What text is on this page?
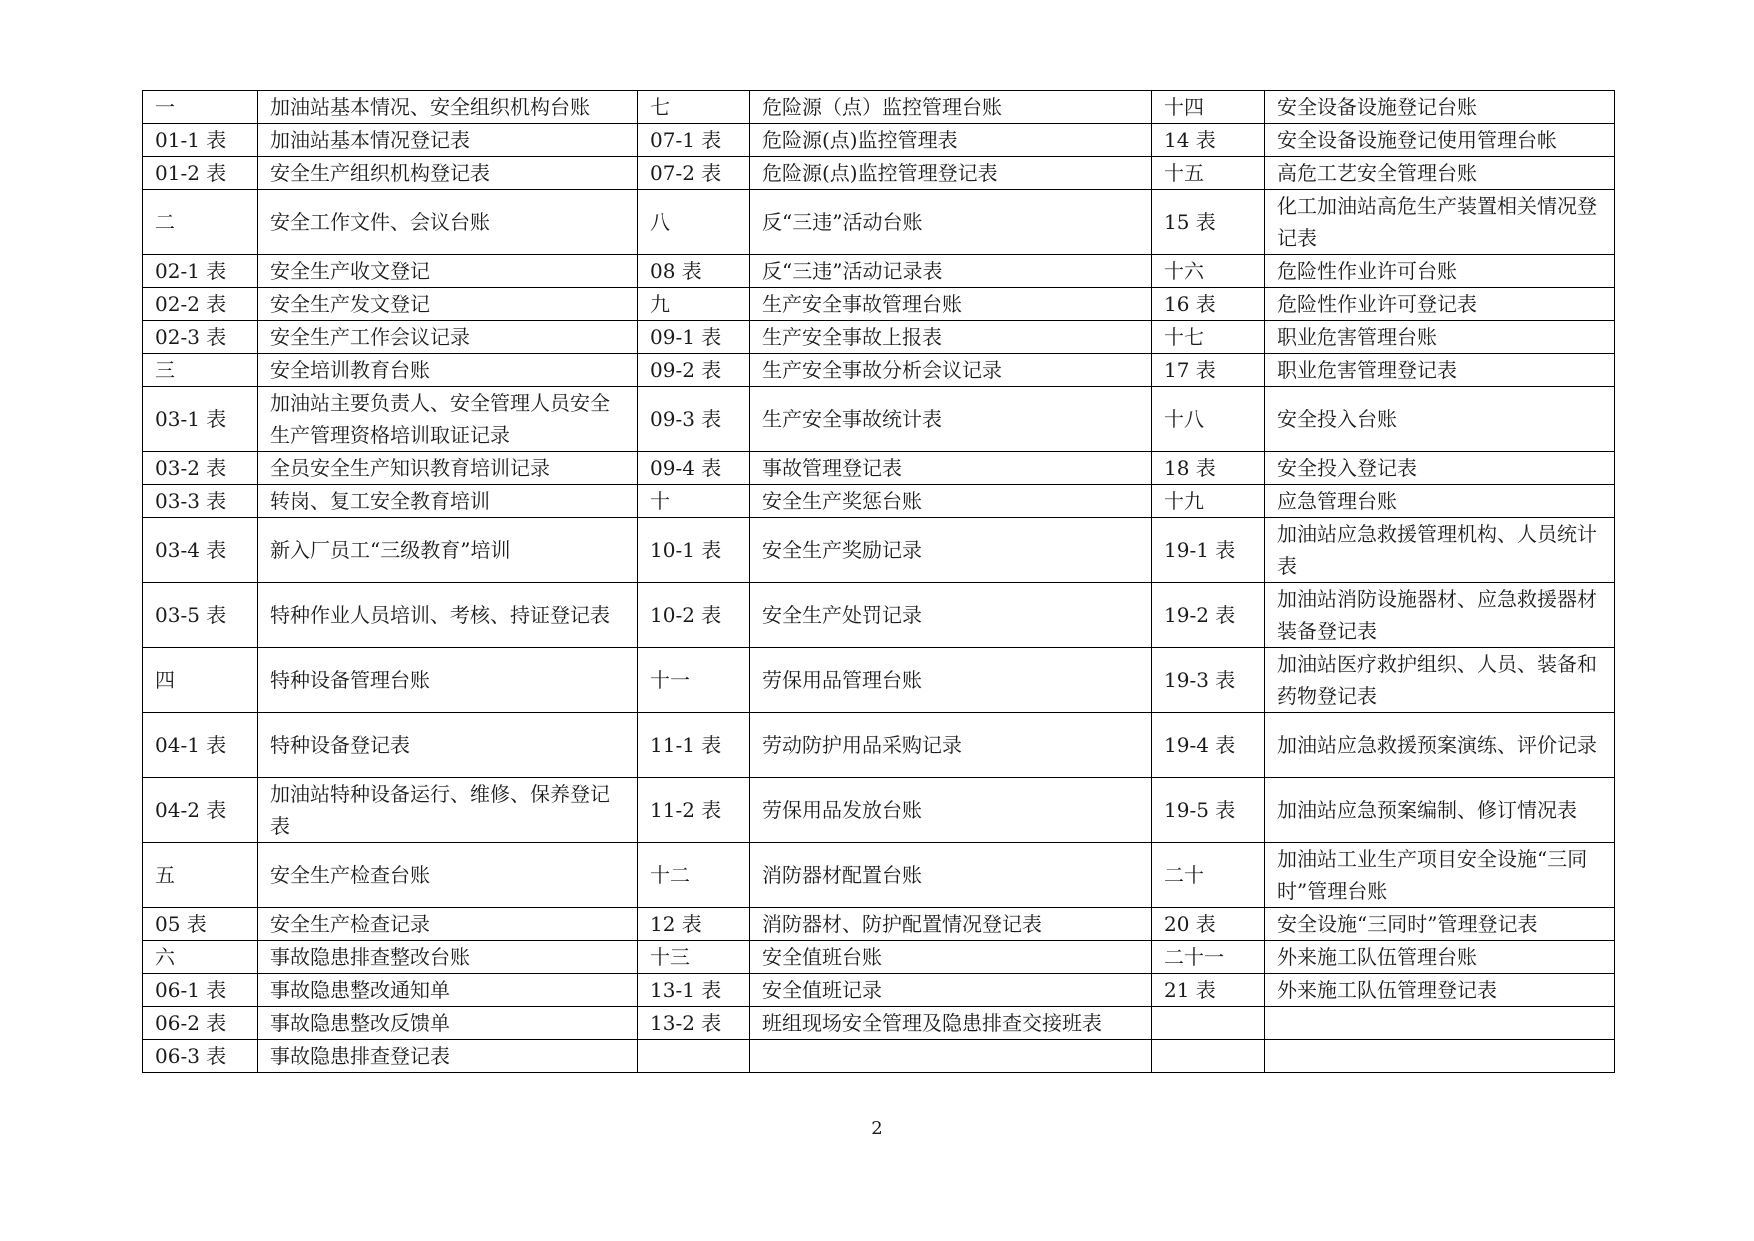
一	加油站基本情况、安全组织机构台账	七	危险源（点）监控管理台账	十四	安全设备设施登记台账
01-1 表	加油站基本情况登记表	07-1 表	危险源(点)监控管理表	14 表	安全设备设施登记使用管理台帐
01-2 表	安全生产组织机构登记表	07-2 表	危险源(点)监控管理登记表	十五	高危工艺安全管理台账
二	安全工作文件、会议台账	八	反“三违”活动台账	15 表	化工加油站高危生产装置相关情况登记表
02-1 表	安全生产收文登记	08 表	反“三违”活动记录表	十六	危险性作业许可台账
02-2 表	安全生产发文登记	九	生产安全事故管理台账	16 表	危险性作业许可登记表
02-3 表	安全生产工作会议记录	09-1 表	生产安全事故上报表	十七	职业危害管理台账
三	安全培训教育台账	09-2 表	生产安全事故分析会议记录	17 表	职业危害管理登记表
03-1 表	加油站主要负责人、安全管理人员安全生产管理资格培训取证记录	09-3 表	生产安全事故统计表	十八	安全投入台账
03-2 表	全员安全生产知识教育培训记录	09-4 表	事故管理登记表	18 表	安全投入登记表
03-3 表	转岗、复工安全教育培训	十	安全生产奖惩台账	十九	应急管理台账
03-4 表	新入厂员工“三级教育”培训	10-1 表	安全生产奖励记录	19-1 表	加油站应急救援管理机构、人员统计表
03-5 表	特种作业人员培训、考核、持证登记表	10-2 表	安全生产处罚记录	19-2 表	加油站消防设施器材、应急救援器材装备登记表
四	特种设备管理台账	十一	劳保用品管理台账	19-3 表	加油站医疗救护组织、人员、装备和药物登记表
04-1 表	特种设备登记表	11-1 表	劳动防护用品采购记录	19-4 表	加油站应急救援预案演练、评价记录
04-2 表	加油站特种设备运行、维修、保养登记表	11-2 表	劳保用品发放台账	19-5 表	加油站应急预案编制、修订情况表
五	安全生产检查台账	十二	消防器材配置台账	二十	加油站工业生产项目安全设施“三同时”管理台账
05 表	安全生产检查记录	12 表	消防器材、防护配置情况登记表	20 表	安全设施“三同时”管理登记表
六	事故隐患排查整改台账	十三	安全值班台账	二十一	外来施工队伍管理台账
06-1 表	事故隐患整改通知单	13-1 表	安全值班记录	21 表	外来施工队伍管理登记表
06-2 表	事故隐患整改反馈单	13-2 表	班组现场安全管理及隐患排查交接班表		
06-3 表	事故隐患排查登记表				
2
